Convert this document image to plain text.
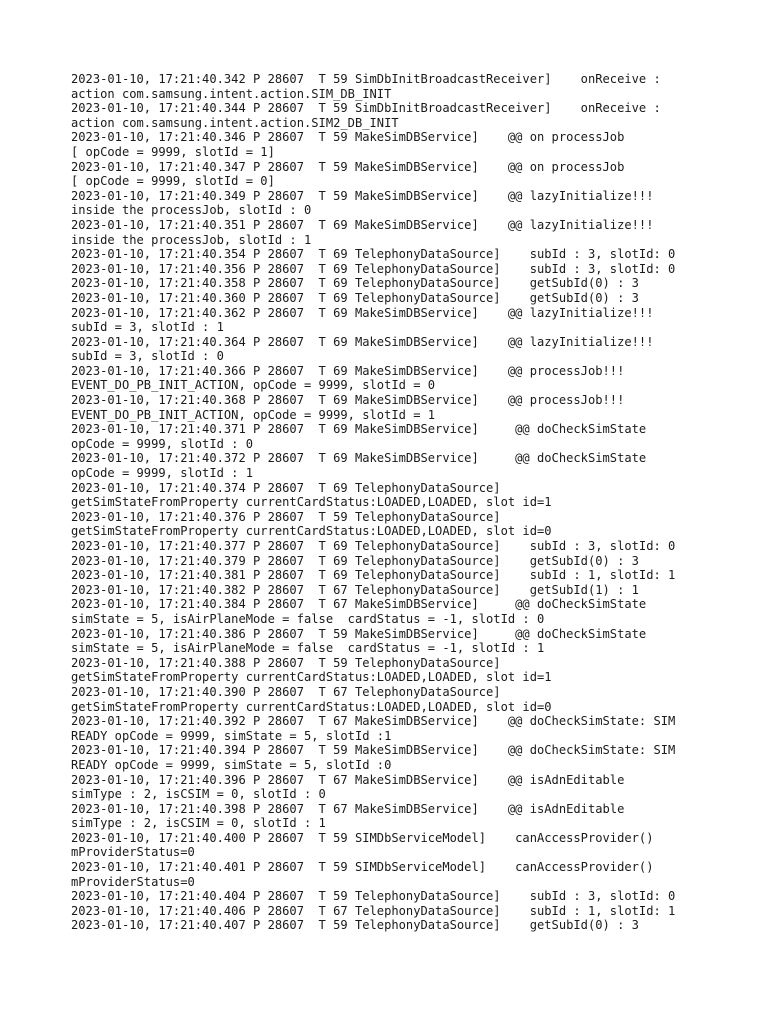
2023-01-10, 17:21:40.342 P 28607  T 59 SimDbInitBroadcastReceiver]    onReceive :
action com.samsung.intent.action.SIM_DB_INIT
2023-01-10, 17:21:40.344 P 28607  T 59 SimDbInitBroadcastReceiver]    onReceive :
action com.samsung.intent.action.SIM2_DB_INIT
2023-01-10, 17:21:40.346 P 28607  T 59 MakeSimDBService]    @@ on processJob
[ opCode = 9999, slotId = 1]
2023-01-10, 17:21:40.347 P 28607  T 59 MakeSimDBService]    @@ on processJob
[ opCode = 9999, slotId = 0]
2023-01-10, 17:21:40.349 P 28607  T 59 MakeSimDBService]    @@ lazyInitialize!!!
inside the processJob, slotId : 0
2023-01-10, 17:21:40.351 P 28607  T 69 MakeSimDBService]    @@ lazyInitialize!!!
inside the processJob, slotId : 1
2023-01-10, 17:21:40.354 P 28607  T 69 TelephonyDataSource]    subId : 3, slotId: 0
2023-01-10, 17:21:40.356 P 28607  T 69 TelephonyDataSource]    subId : 3, slotId: 0
2023-01-10, 17:21:40.358 P 28607  T 69 TelephonyDataSource]    getSubId(0) : 3
2023-01-10, 17:21:40.360 P 28607  T 69 TelephonyDataSource]    getSubId(0) : 3
2023-01-10, 17:21:40.362 P 28607  T 69 MakeSimDBService]    @@ lazyInitialize!!!
subId = 3, slotId : 1
2023-01-10, 17:21:40.364 P 28607  T 69 MakeSimDBService]    @@ lazyInitialize!!!
subId = 3, slotId : 0
2023-01-10, 17:21:40.366 P 28607  T 69 MakeSimDBService]    @@ processJob!!!
EVENT_DO_PB_INIT_ACTION, opCode = 9999, slotId = 0
2023-01-10, 17:21:40.368 P 28607  T 69 MakeSimDBService]    @@ processJob!!!
EVENT_DO_PB_INIT_ACTION, opCode = 9999, slotId = 1
2023-01-10, 17:21:40.371 P 28607  T 69 MakeSimDBService]     @@ doCheckSimState
opCode = 9999, slotId : 0
2023-01-10, 17:21:40.372 P 28607  T 69 MakeSimDBService]     @@ doCheckSimState
opCode = 9999, slotId : 1
2023-01-10, 17:21:40.374 P 28607  T 69 TelephonyDataSource]
getSimStateFromProperty currentCardStatus:LOADED,LOADED, slot id=1
2023-01-10, 17:21:40.376 P 28607  T 59 TelephonyDataSource]
getSimStateFromProperty currentCardStatus:LOADED,LOADED, slot id=0
2023-01-10, 17:21:40.377 P 28607  T 69 TelephonyDataSource]    subId : 3, slotId: 0
2023-01-10, 17:21:40.379 P 28607  T 69 TelephonyDataSource]    getSubId(0) : 3
2023-01-10, 17:21:40.381 P 28607  T 69 TelephonyDataSource]    subId : 1, slotId: 1
2023-01-10, 17:21:40.382 P 28607  T 67 TelephonyDataSource]    getSubId(1) : 1
2023-01-10, 17:21:40.384 P 28607  T 67 MakeSimDBService]     @@ doCheckSimState
simState = 5, isAirPlaneMode = false  cardStatus = -1, slotId : 0
2023-01-10, 17:21:40.386 P 28607  T 59 MakeSimDBService]     @@ doCheckSimState
simState = 5, isAirPlaneMode = false  cardStatus = -1, slotId : 1
2023-01-10, 17:21:40.388 P 28607  T 59 TelephonyDataSource]
getSimStateFromProperty currentCardStatus:LOADED,LOADED, slot id=1
2023-01-10, 17:21:40.390 P 28607  T 67 TelephonyDataSource]
getSimStateFromProperty currentCardStatus:LOADED,LOADED, slot id=0
2023-01-10, 17:21:40.392 P 28607  T 67 MakeSimDBService]    @@ doCheckSimState: SIM
READY opCode = 9999, simState = 5, slotId :1
2023-01-10, 17:21:40.394 P 28607  T 59 MakeSimDBService]    @@ doCheckSimState: SIM
READY opCode = 9999, simState = 5, slotId :0
2023-01-10, 17:21:40.396 P 28607  T 67 MakeSimDBService]    @@ isAdnEditable
simType : 2, isCSIM = 0, slotId : 0
2023-01-10, 17:21:40.398 P 28607  T 67 MakeSimDBService]    @@ isAdnEditable
simType : 2, isCSIM = 0, slotId : 1
2023-01-10, 17:21:40.400 P 28607  T 59 SIMDbServiceModel]    canAccessProvider()
mProviderStatus=0
2023-01-10, 17:21:40.401 P 28607  T 59 SIMDbServiceModel]    canAccessProvider()
mProviderStatus=0
2023-01-10, 17:21:40.404 P 28607  T 59 TelephonyDataSource]    subId : 3, slotId: 0
2023-01-10, 17:21:40.406 P 28607  T 67 TelephonyDataSource]    subId : 1, slotId: 1
2023-01-10, 17:21:40.407 P 28607  T 59 TelephonyDataSource]    getSubId(0) : 3
